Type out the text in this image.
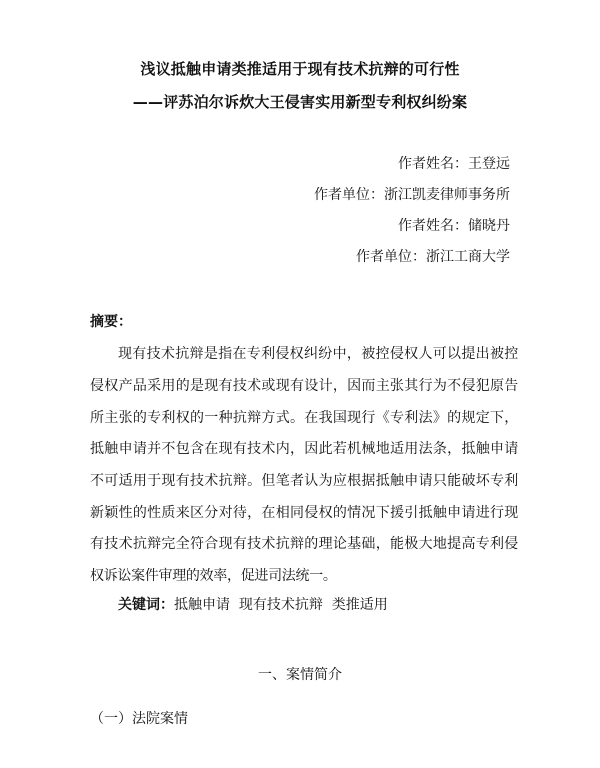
浅议抵触申请类推适用于现有技术抗辩的可行性
——评苏泊尔诉炊大王侵害实用新型专利权纠纷案
作者姓名：王登远
作者单位：浙江凯麦律师事务所
作者姓名：储晓丹
作者单位：浙江工商大学
摘要：
现有技术抗辩是指在专利侵权纠纷中，被控侵权人可以提出被控
侵权产品采用的是现有技术或现有设计，因而主张其行为不侵犯原告
所主张的专利权的一种抗辩方式。在我国现行《专利法》的规定下，
抵触申请并不包含在现有技术内，因此若机械地适用法条，抵触申请
不可适用于现有技术抗辩。但笔者认为应根据抵触申请只能破坏专利
新颖性的性质来区分对待，在相同侵权的情况下援引抵触申请进行现
有技术抗辩完全符合现有技术抗辩的理论基础，能极大地提高专利侵
权诉讼案件审理的效率，促进司法统一。
关键词：抵触申请  现有技术抗辩  类推适用
一、案情简介
（一）法院案情
